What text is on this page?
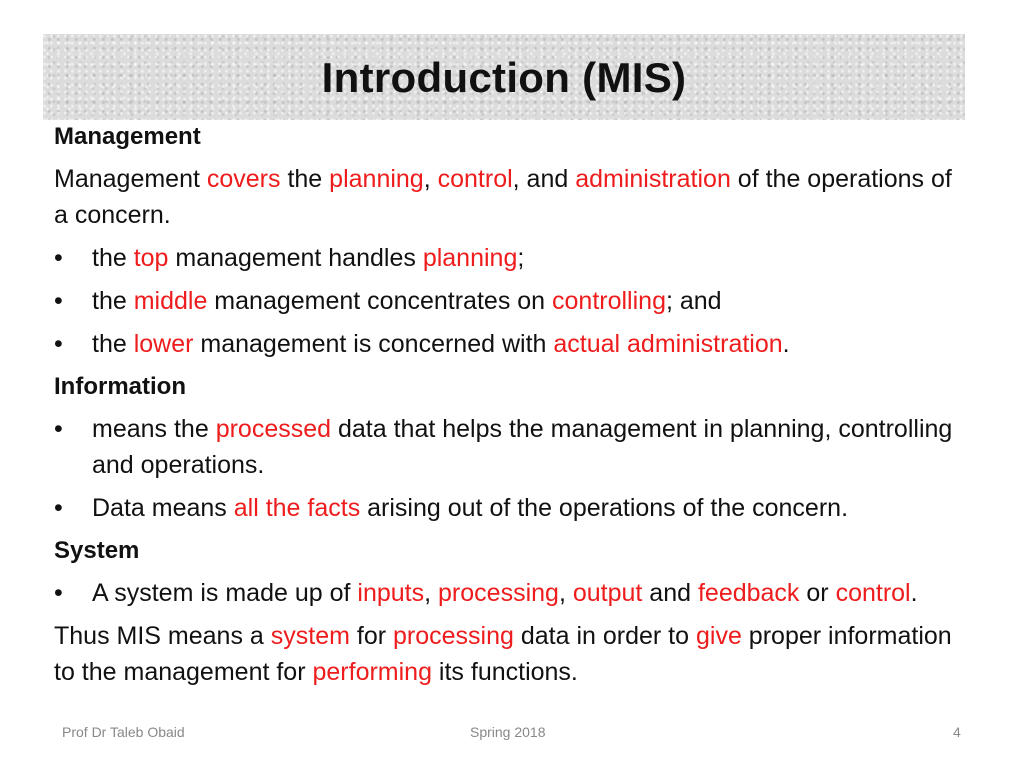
Introduction (MIS)
Management
Management covers the planning, control, and administration of the operations of a concern.
• the top management handles planning;
• the middle management concentrates on controlling; and
• the lower management is concerned with actual administration.
Information
• means the processed data that helps the management in planning, controlling and operations.
• Data means all the facts arising out of the operations of the concern.
System
• A system is made up of inputs, processing, output and feedback or control.
Thus MIS means a system for processing data in order to give proper information to the management for performing its functions.
Prof Dr Taleb Obaid	Spring 2018	4
